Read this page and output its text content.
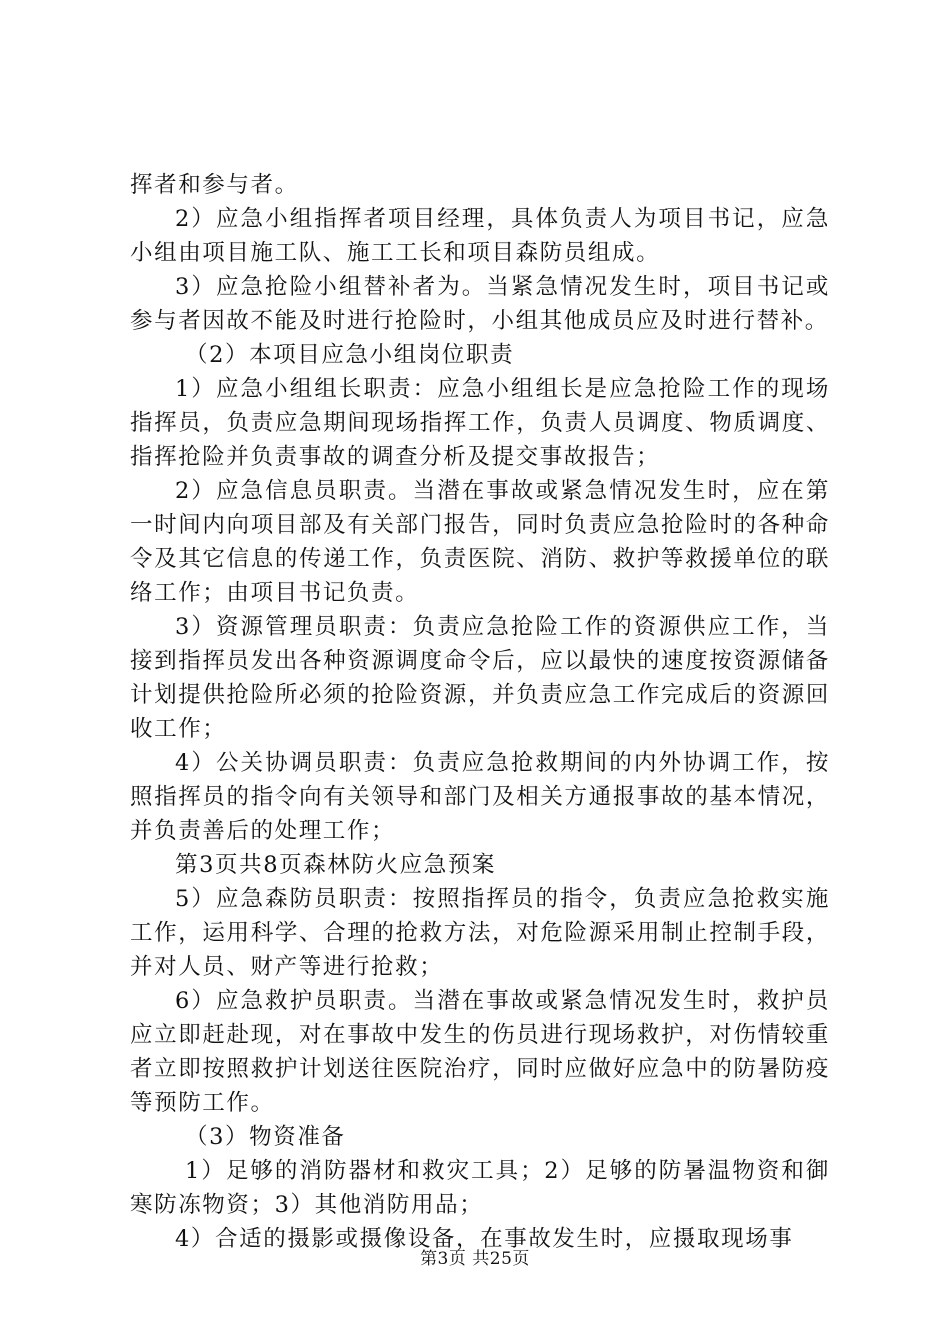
挥者和参与者。

2）应急小组指挥者项目经理，具体负责人为项目书记，应急小组由项目施工队、施工工长和项目森防员组成。

3）应急抢险小组替补者为。当紧急情况发生时，项目书记或参与者因故不能及时进行抢险时，小组其他成员应及时进行替补。

（2）本项目应急小组岗位职责

1）应急小组组长职责：应急小组组长是应急抢险工作的现场指挥员，负责应急期间现场指挥工作，负责人员调度、物质调度、指挥抢险并负责事故的调查分析及提交事故报告；

2）应急信息员职责。当潜在事故或紧急情况发生时，应在第一时间内向项目部及有关部门报告，同时负责应急抢险时的各种命令及其它信息的传递工作，负责医院、消防、救护等救援单位的联络工作；由项目书记负责。

3）资源管理员职责：负责应急抢险工作的资源供应工作，当接到指挥员发出各种资源调度命令后，应以最快的速度按资源储备计划提供抢险所必须的抢险资源，并负责应急工作完成后的资源回收工作；

4）公关协调员职责：负责应急抢救期间的内外协调工作，按照指挥员的指令向有关领导和部门及相关方通报事故的基本情况，并负责善后的处理工作；

第3页共8页森林防火应急预案

5）应急森防员职责：按照指挥员的指令，负责应急抢救实施工作，运用科学、合理的抢救方法，对危险源采用制止控制手段，并对人员、财产等进行抢救；

6）应急救护员职责。当潜在事故或紧急情况发生时，救护员应立即赶赴现，对在事故中发生的伤员进行现场救护，对伤情较重者立即按照救护计划送往医院治疗，同时应做好应急中的防暑防疫等预防工作。

（3）物资准备

1）足够的消防器材和救灾工具；2）足够的防暑温物资和御寒防冻物资；3）其他消防用品；

4）合适的摄影或摄像设备，在事故发生时，应摄取现场事

第3页 共25页
